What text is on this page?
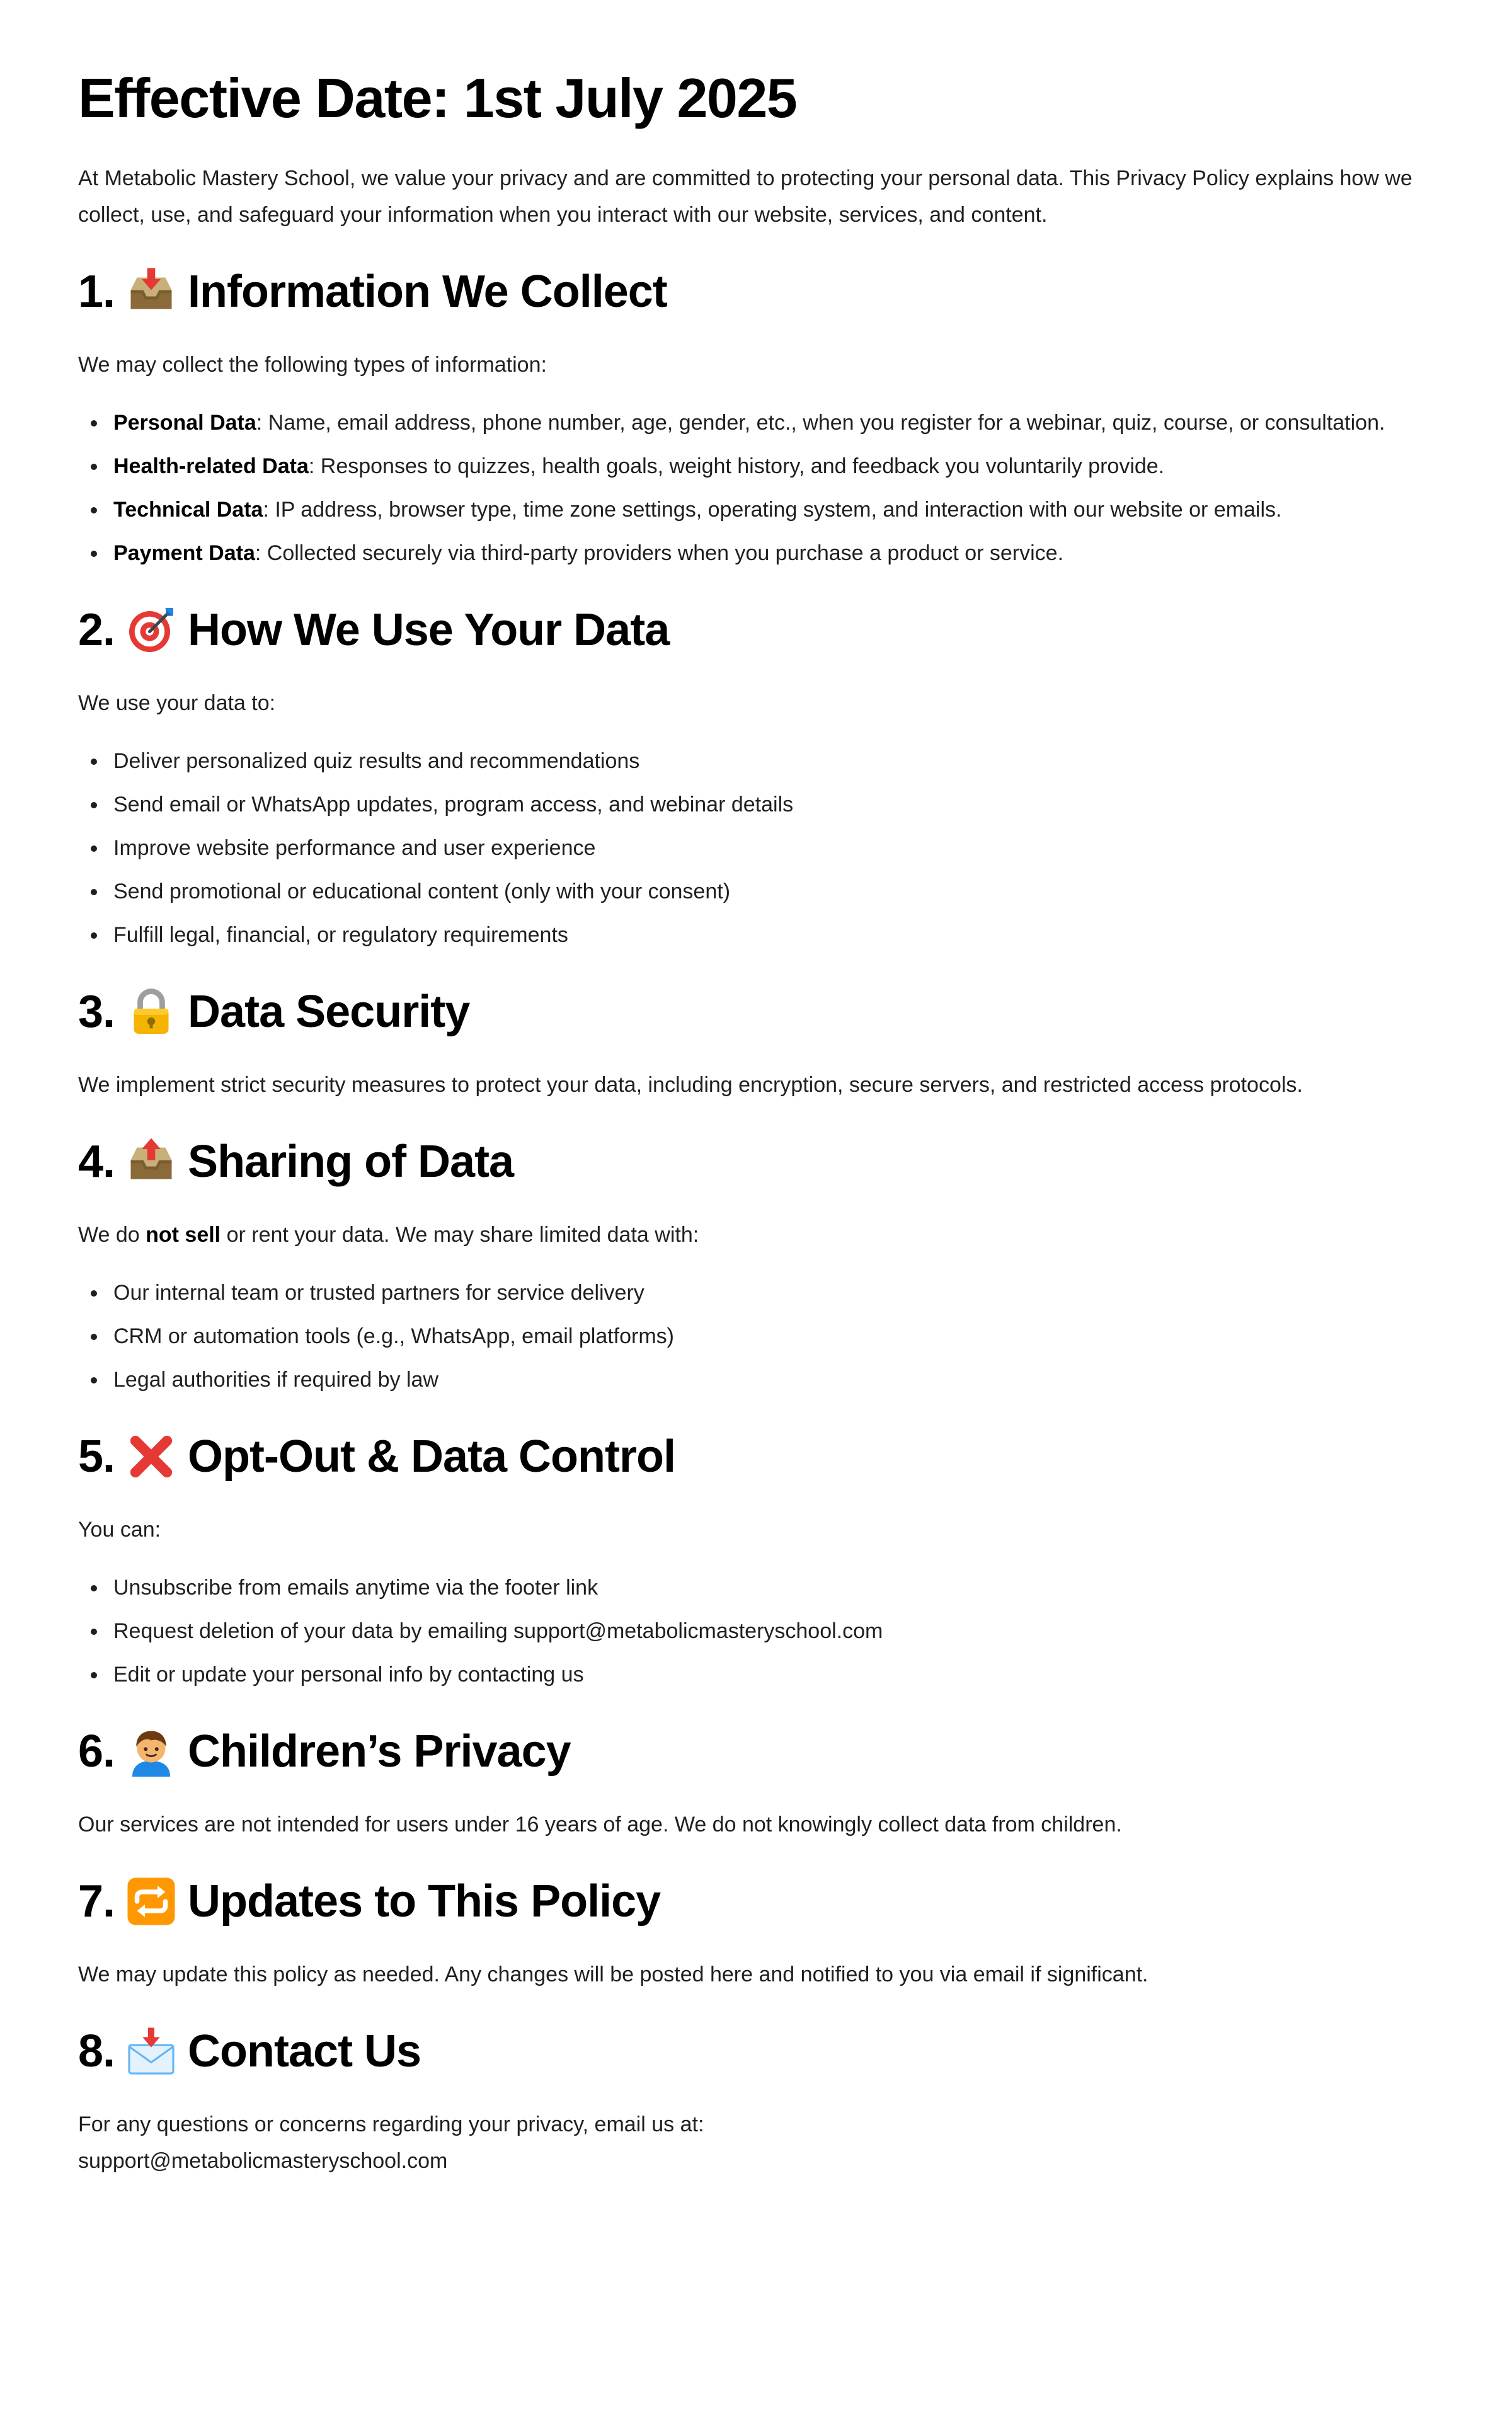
Effective Date: 1st July 2025

At Metabolic Mastery School, we value your privacy and are committed to protecting your personal data. This Privacy Policy explains how we collect, use, and safeguard your information when you interact with our website, services, and content.

1. Information We Collect

We may collect the following types of information:

Personal Data: Name, email address, phone number, age, gender, etc., when you register for a webinar, quiz, course, or consultation.
Health-related Data: Responses to quizzes, health goals, weight history, and feedback you voluntarily provide.
Technical Data: IP address, browser type, time zone settings, operating system, and interaction with our website or emails.
Payment Data: Collected securely via third-party providers when you purchase a product or service.
2. How We Use Your Data

We use your data to:

Deliver personalized quiz results and recommendations
Send email or WhatsApp updates, program access, and webinar details
Improve website performance and user experience
Send promotional or educational content (only with your consent)
Fulfill legal, financial, or regulatory requirements
3. Data Security

We implement strict security measures to protect your data, including encryption, secure servers, and restricted access protocols.

4. Sharing of Data

We do not sell or rent your data. We may share limited data with:

Our internal team or trusted partners for service delivery
CRM or automation tools (e.g., WhatsApp, email platforms)
Legal authorities if required by law
5. Opt-Out & Data Control

You can:

Unsubscribe from emails anytime via the footer link
Request deletion of your data by emailing support@metabolicmasteryschool.com
Edit or update your personal info by contacting us
6. Children’s Privacy

Our services are not intended for users under 16 years of age. We do not knowingly collect data from children.

7. Updates to This Policy

We may update this policy as needed. Any changes will be posted here and notified to you via email if significant.

8. Contact Us

For any questions or concerns regarding your privacy, email us at:
support@metabolicmasteryschool.com
